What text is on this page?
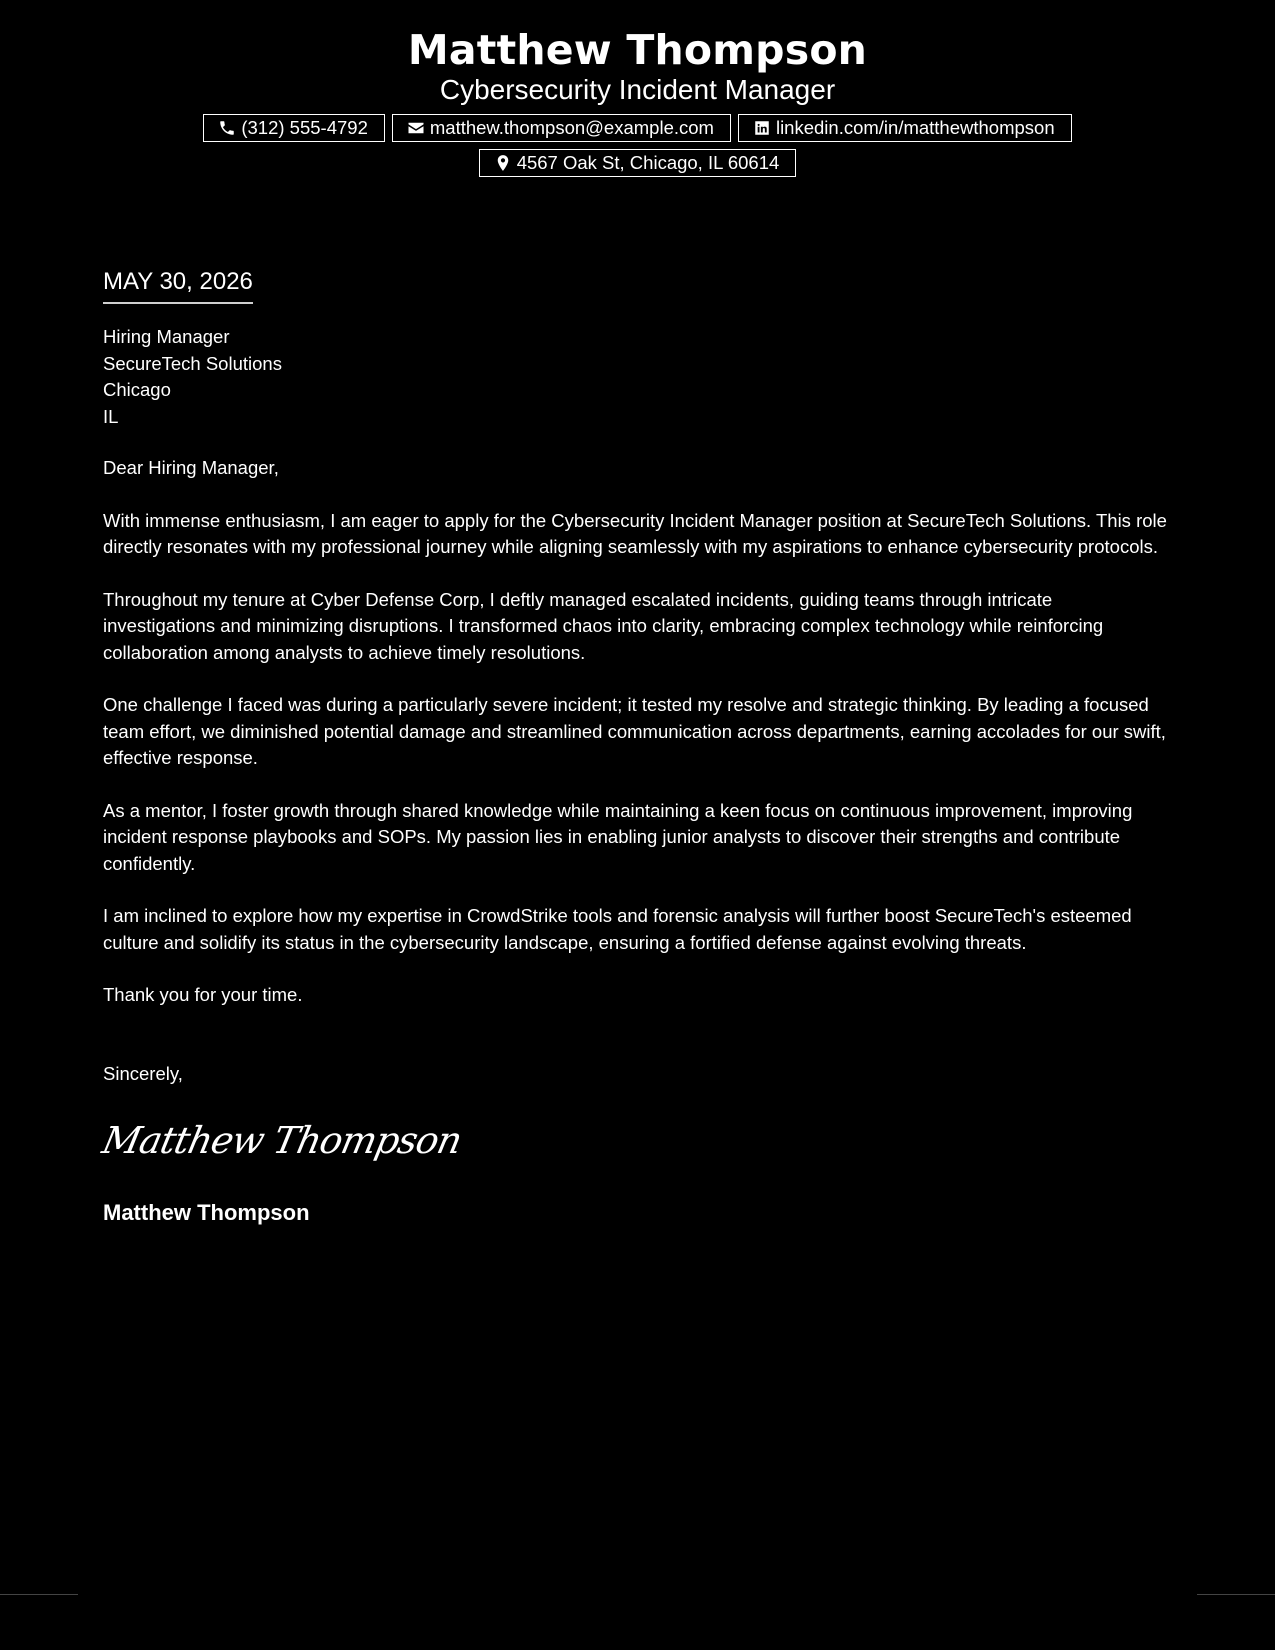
Matthew Thompson
Cybersecurity Incident Manager
(312) 555-4792	matthew.thompson@example.com	linkedin.com/in/matthewthompson
4567 Oak St, Chicago, IL 60614
MAY 30, 2026
Hiring Manager
SecureTech Solutions
Chicago
IL
Dear Hiring Manager,
With immense enthusiasm, I am eager to apply for the Cybersecurity Incident Manager position at SecureTech Solutions. This role directly resonates with my professional journey while aligning seamlessly with my aspirations to enhance cybersecurity protocols.
Throughout my tenure at Cyber Defense Corp, I deftly managed escalated incidents, guiding teams through intricate investigations and minimizing disruptions. I transformed chaos into clarity, embracing complex technology while reinforcing collaboration among analysts to achieve timely resolutions.
One challenge I faced was during a particularly severe incident; it tested my resolve and strategic thinking. By leading a focused team effort, we diminished potential damage and streamlined communication across departments, earning accolades for our swift, effective response.
As a mentor, I foster growth through shared knowledge while maintaining a keen focus on continuous improvement, improving incident response playbooks and SOPs. My passion lies in enabling junior analysts to discover their strengths and contribute confidently.
I am inclined to explore how my expertise in CrowdStrike tools and forensic analysis will further boost SecureTech's esteemed culture and solidify its status in the cybersecurity landscape, ensuring a fortified defense against evolving threats.
Thank you for your time.
Sincerely,
Matthew Thompson
Matthew Thompson
